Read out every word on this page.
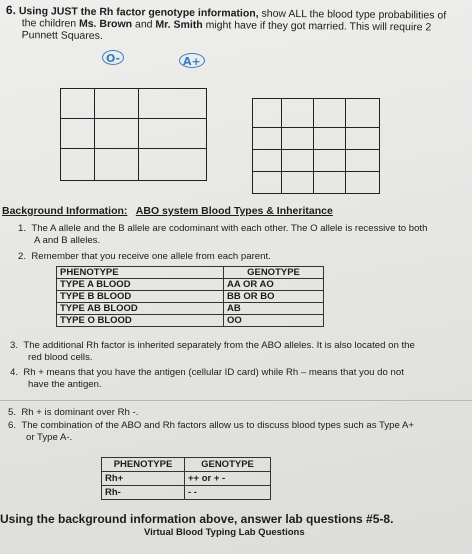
6. Using JUST the Rh factor genotype information, show ALL the blood type probabilities of
the children Ms. Brown and Mr. Smith might have if they got married. This will require 2
Punnett Squares.
O-	A+
Background Information: ABO system Blood Types & Inheritance
1. The A allele and the B allele are codominant with each other. The O allele is recessive to both
A and B alleles.
2. Remember that you receive one allele from each parent.
PHENOTYPE	GENOTYPE
TYPE A BLOOD	AA OR AO
TYPE B BLOOD	BB OR BO
TYPE AB BLOOD	AB
TYPE O BLOOD	OO
3. The additional Rh factor is inherited separately from the ABO alleles. It is also located on the
red blood cells.
4. Rh + means that you have the antigen (cellular ID card) while Rh – means that you do not
have the antigen.
5. Rh + is dominant over Rh -.
6. The combination of the ABO and Rh factors allow us to discuss blood types such as Type A+
or Type A-.
PHENOTYPE	GENOTYPE
Rh+	++ or + -
Rh-	- -
Using the background information above, answer lab questions #5-8.
Virtual Blood Typing Lab Questions
